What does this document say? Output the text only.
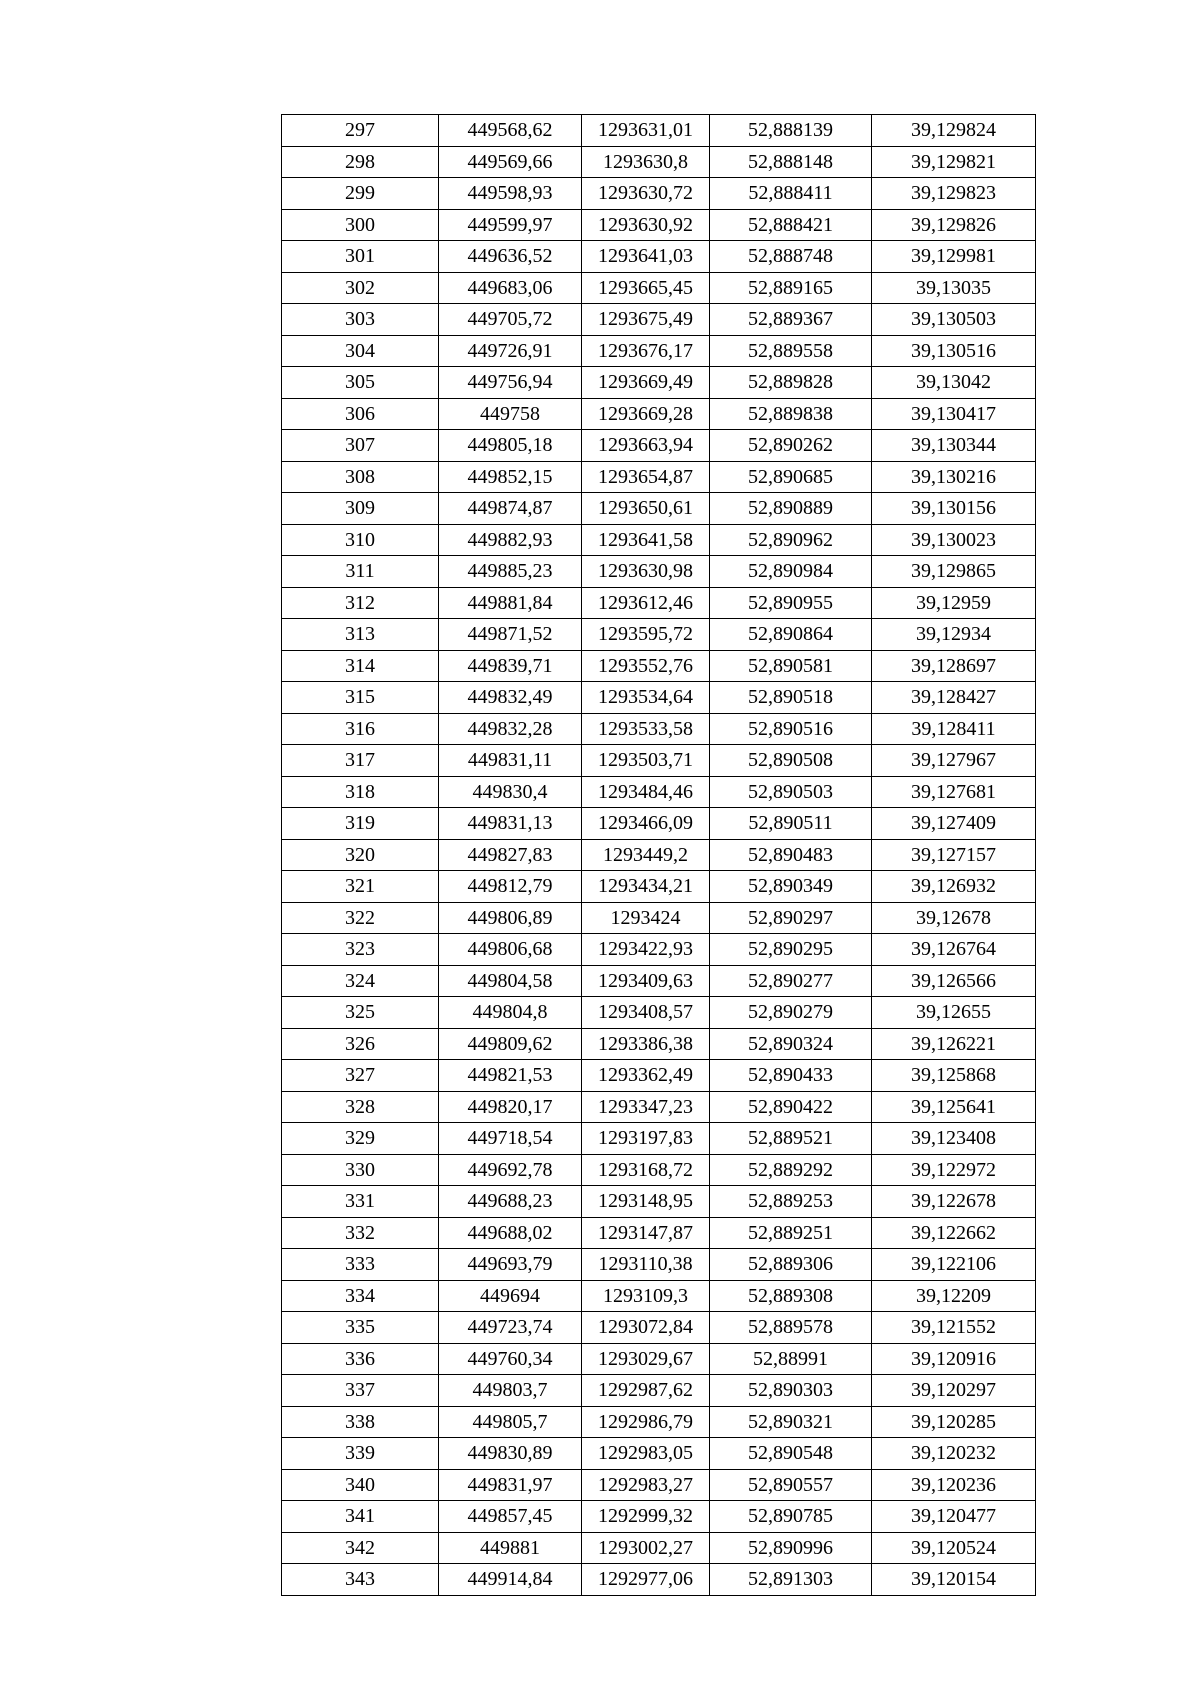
297	449568,62	1293631,01	52,888139	39,129824
298	449569,66	1293630,8	52,888148	39,129821
299	449598,93	1293630,72	52,888411	39,129823
300	449599,97	1293630,92	52,888421	39,129826
301	449636,52	1293641,03	52,888748	39,129981
302	449683,06	1293665,45	52,889165	39,13035
303	449705,72	1293675,49	52,889367	39,130503
304	449726,91	1293676,17	52,889558	39,130516
305	449756,94	1293669,49	52,889828	39,13042
306	449758	1293669,28	52,889838	39,130417
307	449805,18	1293663,94	52,890262	39,130344
308	449852,15	1293654,87	52,890685	39,130216
309	449874,87	1293650,61	52,890889	39,130156
310	449882,93	1293641,58	52,890962	39,130023
311	449885,23	1293630,98	52,890984	39,129865
312	449881,84	1293612,46	52,890955	39,12959
313	449871,52	1293595,72	52,890864	39,12934
314	449839,71	1293552,76	52,890581	39,128697
315	449832,49	1293534,64	52,890518	39,128427
316	449832,28	1293533,58	52,890516	39,128411
317	449831,11	1293503,71	52,890508	39,127967
318	449830,4	1293484,46	52,890503	39,127681
319	449831,13	1293466,09	52,890511	39,127409
320	449827,83	1293449,2	52,890483	39,127157
321	449812,79	1293434,21	52,890349	39,126932
322	449806,89	1293424	52,890297	39,12678
323	449806,68	1293422,93	52,890295	39,126764
324	449804,58	1293409,63	52,890277	39,126566
325	449804,8	1293408,57	52,890279	39,12655
326	449809,62	1293386,38	52,890324	39,126221
327	449821,53	1293362,49	52,890433	39,125868
328	449820,17	1293347,23	52,890422	39,125641
329	449718,54	1293197,83	52,889521	39,123408
330	449692,78	1293168,72	52,889292	39,122972
331	449688,23	1293148,95	52,889253	39,122678
332	449688,02	1293147,87	52,889251	39,122662
333	449693,79	1293110,38	52,889306	39,122106
334	449694	1293109,3	52,889308	39,12209
335	449723,74	1293072,84	52,889578	39,121552
336	449760,34	1293029,67	52,88991	39,120916
337	449803,7	1292987,62	52,890303	39,120297
338	449805,7	1292986,79	52,890321	39,120285
339	449830,89	1292983,05	52,890548	39,120232
340	449831,97	1292983,27	52,890557	39,120236
341	449857,45	1292999,32	52,890785	39,120477
342	449881	1293002,27	52,890996	39,120524
343	449914,84	1292977,06	52,891303	39,120154
